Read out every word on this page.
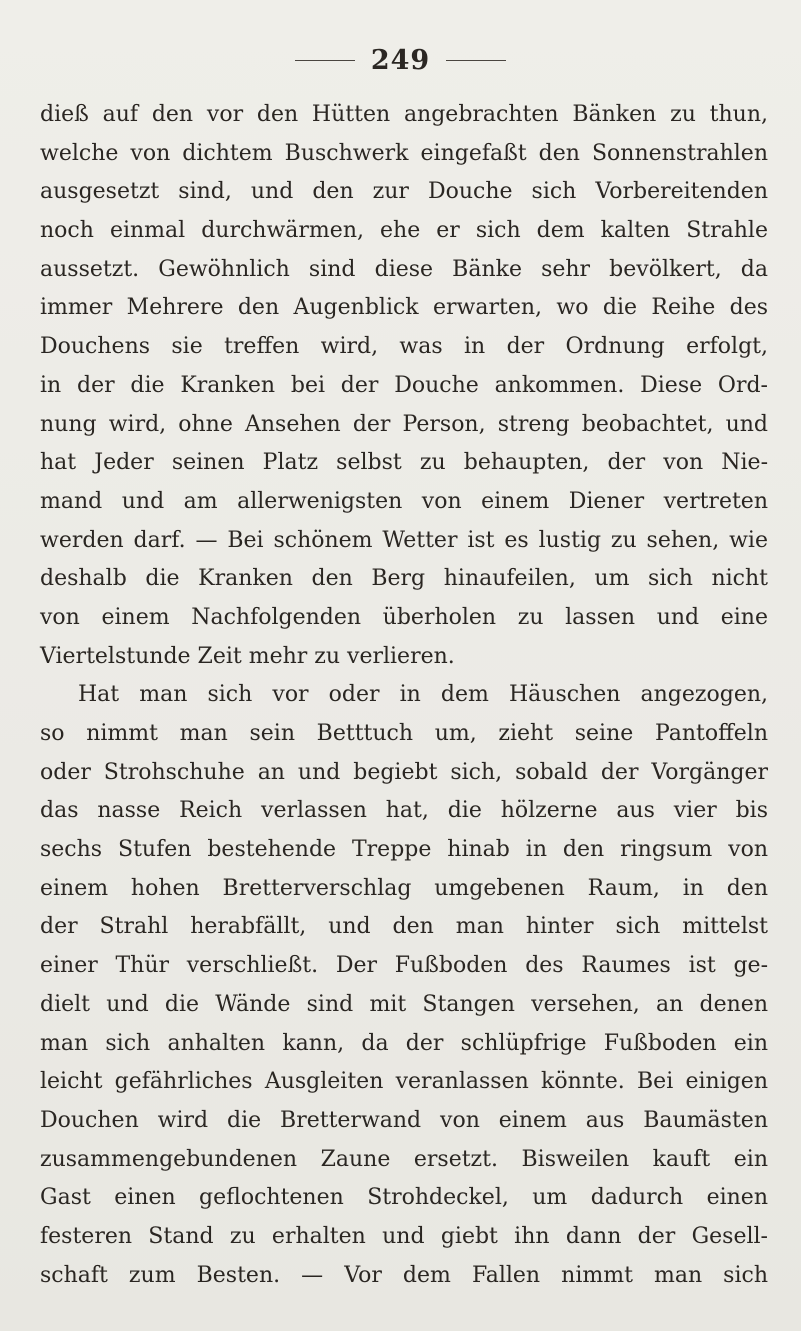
249
dieß auf den vor den Hütten angebrachten Bänken zu thun,
welche von dichtem Buschwerk eingefaßt den Sonnenstrahlen
ausgesetzt sind, und den zur Douche sich Vorbereitenden
noch einmal durchwärmen, ehe er sich dem kalten Strahle
aussetzt. Gewöhnlich sind diese Bänke sehr bevölkert, da
immer Mehrere den Augenblick erwarten, wo die Reihe des
Douchens sie treffen wird, was in der Ordnung erfolgt,
in der die Kranken bei der Douche ankommen. Diese Ord-
nung wird, ohne Ansehen der Person, streng beobachtet, und
hat Jeder seinen Platz selbst zu behaupten, der von Nie-
mand und am allerwenigsten von einem Diener vertreten
werden darf. — Bei schönem Wetter ist es lustig zu sehen, wie
deshalb die Kranken den Berg hinaufeilen, um sich nicht
von einem Nachfolgenden überholen zu lassen und eine
Viertelstunde Zeit mehr zu verlieren.
Hat man sich vor oder in dem Häuschen angezogen,
so nimmt man sein Betttuch um, zieht seine Pantoffeln
oder Strohschuhe an und begiebt sich, sobald der Vorgänger
das nasse Reich verlassen hat, die hölzerne aus vier bis
sechs Stufen bestehende Treppe hinab in den ringsum von
einem hohen Bretterverschlag umgebenen Raum, in den
der Strahl herabfällt, und den man hinter sich mittelst
einer Thür verschließt. Der Fußboden des Raumes ist ge-
dielt und die Wände sind mit Stangen versehen, an denen
man sich anhalten kann, da der schlüpfrige Fußboden ein
leicht gefährliches Ausgleiten veranlassen könnte. Bei einigen
Douchen wird die Bretterwand von einem aus Baumästen
zusammengebundenen Zaune ersetzt. Bisweilen kauft ein
Gast einen geflochtenen Strohdeckel, um dadurch einen
festeren Stand zu erhalten und giebt ihn dann der Gesell-
schaft zum Besten. — Vor dem Fallen nimmt man sich
